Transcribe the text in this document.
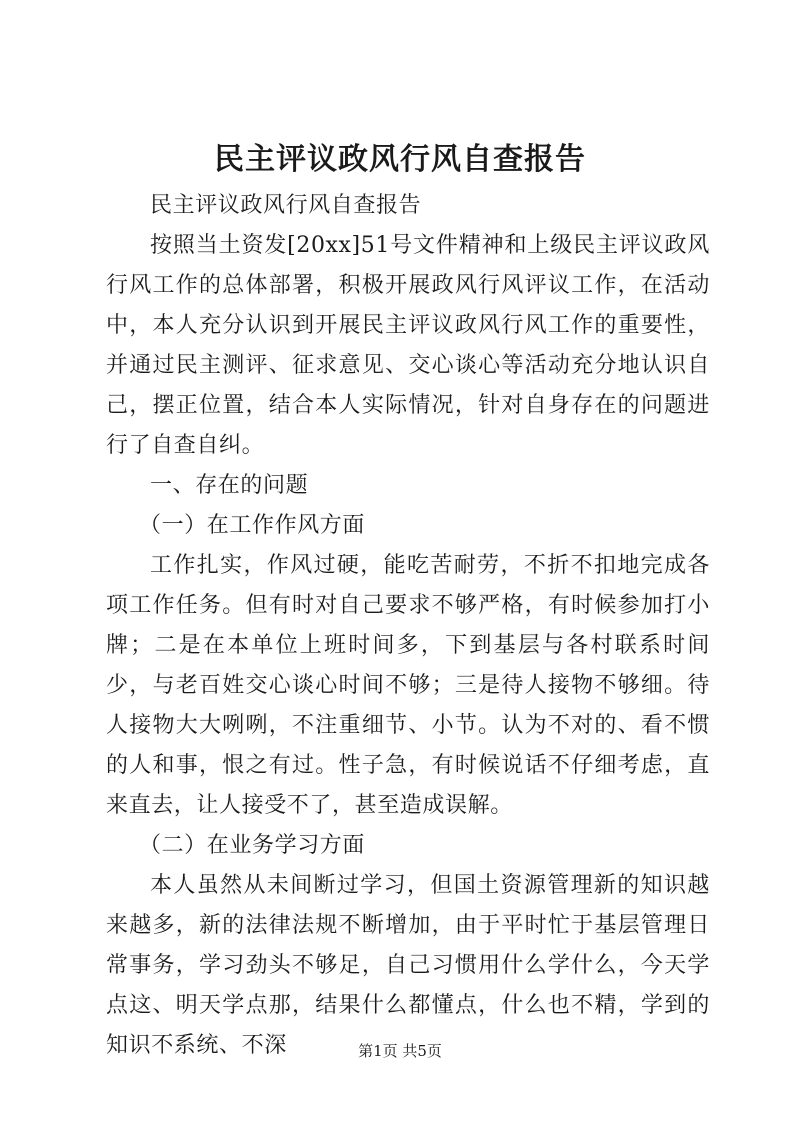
民主评议政风行风自查报告

民主评议政风行风自查报告

按照当土资发[20xx]51号文件精神和上级民主评议政风行风工作的总体部署，积极开展政风行风评议工作，在活动中，本人充分认识到开展民主评议政风行风工作的重要性，并通过民主测评、征求意见、交心谈心等活动充分地认识自己，摆正位置，结合本人实际情况，针对自身存在的问题进行了自查自纠。

一、存在的问题

（一）在工作作风方面

工作扎实，作风过硬，能吃苦耐劳，不折不扣地完成各项工作任务。但有时对自己要求不够严格，有时候参加打小牌；二是在本单位上班时间多，下到基层与各村联系时间少，与老百姓交心谈心时间不够；三是待人接物不够细。待人接物大大咧咧，不注重细节、小节。认为不对的、看不惯的人和事，恨之有过。性子急，有时候说话不仔细考虑，直来直去，让人接受不了，甚至造成误解。

（二）在业务学习方面

本人虽然从未间断过学习，但国土资源管理新的知识越来越多，新的法律法规不断增加，由于平时忙于基层管理日常事务，学习劲头不够足，自己习惯用什么学什么，今天学点这、明天学点那，结果什么都懂点，什么也不精，学到的知识不系统、不深	第1页 共5页
